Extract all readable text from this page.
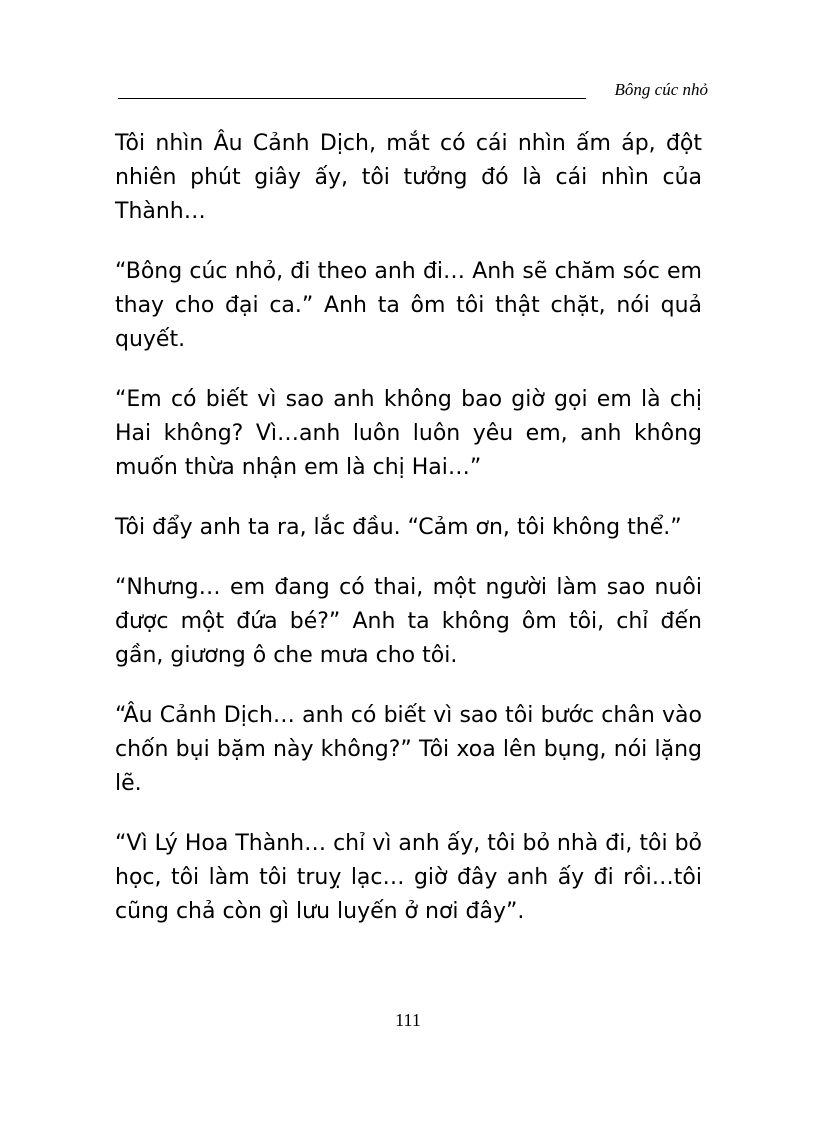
Bông cúc nhỏ

Tôi nhìn Âu Cảnh Dịch, mắt có cái nhìn ấm áp, đột nhiên phút giây ấy, tôi tưởng đó là cái nhìn của Thành…

“Bông cúc nhỏ, đi theo anh đi… Anh sẽ chăm sóc em thay cho đại ca.” Anh ta ôm tôi thật chặt, nói quả quyết.

“Em có biết vì sao anh không bao giờ gọi em là chị Hai không? Vì…anh luôn luôn yêu em, anh không muốn thừa nhận em là chị Hai…”

Tôi đẩy anh ta ra, lắc đầu. “Cảm ơn, tôi không thể.”

“Nhưng… em đang có thai, một người làm sao nuôi được một đứa bé?” Anh ta không ôm tôi, chỉ đến gần, giương ô che mưa cho tôi.

“Âu Cảnh Dịch… anh có biết vì sao tôi bước chân vào chốn bụi bặm này không?” Tôi xoa lên bụng, nói lặng lẽ.

“Vì Lý Hoa Thành… chỉ vì anh ấy, tôi bỏ nhà đi, tôi bỏ học, tôi làm tôi truỵ lạc… giờ đây anh ấy đi rồi…tôi cũng chả còn gì lưu luyến ở nơi đây”.

111
